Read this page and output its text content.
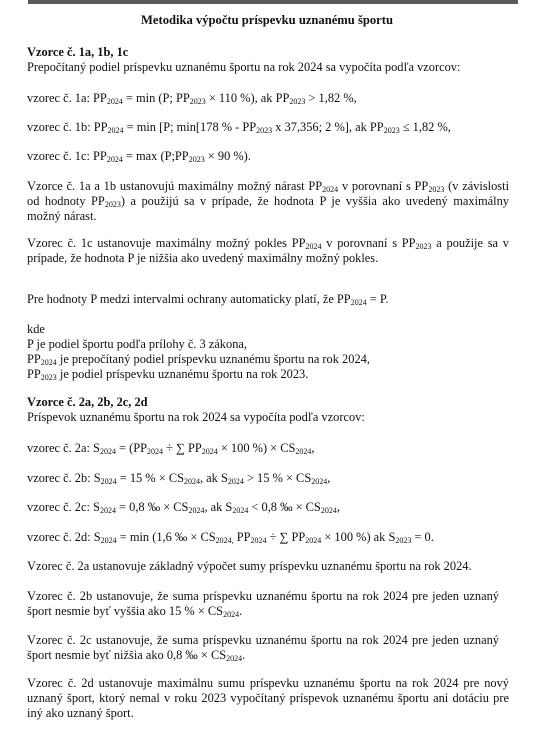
Metodika výpočtu príspevku uznanému športu
Vzorce č. 1a, 1b, 1c
Prepočítaný podiel príspevku uznanému športu na rok 2024 sa vypočíta podľa vzorcov:
vzorec č. 1a: $PP_{2024} = \min (P$; $PP_{2023} \times 110$ %), ak $PP_{2023} > 1,82$ %,
vzorec č. 1b: $PP_{2024} = \min [P$; min[178 % - $PP_{2023}$ x 37,356; 2 %], ak $PP_{2023} \le 1,82$ %,
vzorec č. 1c: $PP_{2024} = \max$ ($P;PP_{2023} \times 90$ %).
Vzorce č. 1a a 1b ustanovujú maximálny možný nárast $PP_{2024}$ v porovnaní s $PP_{2023}$ (v závislosti od hodnoty $PP_{2023}$) a použijú sa v prípade, že hodnota P je vyššia ako uvedený maximálny možný nárast.
Vzorec č. 1c ustanovuje maximálny možný pokles $PP_{2024}$ v porovnaní s $PP_{2023}$ a použije sa v prípade, že hodnota P je nižšia ako uvedený maximálny možný pokles.
Pre hodnoty P medzi intervalmi ochrany automaticky platí, že $PP_{2024} = P$.
kde
P je podiel športu podľa prílohy č. 3 zákona,
$PP_{2024}$ je prepočítaný podiel príspevku uznanému športu na rok 2024,
$PP_{2023}$ je podiel príspevku uznanému športu na rok 2023.
Vzorce č. 2a, 2b, 2c, 2d
Príspevok uznanému športu na rok 2024 sa vypočíta podľa vzorcov:
vzorec č. 2a: $S_{2024} = (PP_{2024}$ ÷ ∑ $PP_{2024} \times 100$ %) × $CS_{2024}$,
vzorec č. 2b: $S_{2024} = 15$ % × $CS_{2024}$, ak $S_{2024} > 15$ % × $CS_{2024}$,
vzorec č. 2c: $S_{2024} = 0,8$ ‰ × $CS_{2024}$, ak $S_{2024} < 0,8$ ‰ × $CS_{2024}$,
vzorec č. 2d: $S_{2024} = \min (1,6$ ‰ × $CS_{2024,}$ $PP_{2024}$ ÷ ∑ $PP_{2024} \times 100$ %) ak $S_{2023} = 0$.
Vzorec č. 2a ustanovuje základný výpočet sumy príspevku uznanému športu na rok 2024.
Vzorec č. 2b ustanovuje, že suma príspevku uznanému športu na rok 2024 pre jeden uznaný šport nesmie byť vyššia ako 15 % × $CS_{2024}$.
Vzorec č. 2c ustanovuje, že suma príspevku uznanému športu na rok 2024 pre jeden uznaný šport nesmie byť nižšia ako 0,8 ‰ × $CS_{2024}$.
Vzorec č. 2d ustanovuje maximálnu sumu príspevku uznanému športu na rok 2024 pre nový uznaný šport, ktorý nemal v roku 2023 vypočítaný príspevok uznanému športu ani dotáciu pre iný ako uznaný šport.
